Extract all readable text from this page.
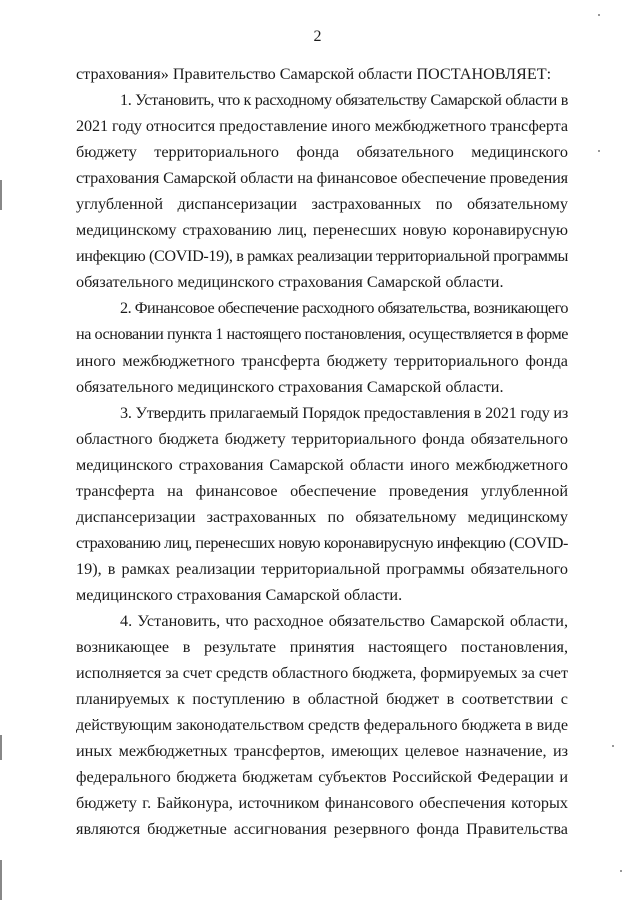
2
страхования» Правительство Самарской области ПОСТАНОВЛЯЕТ:
1. Установить, что к расходному обязательству Самарской области в
2021 году относится предоставление иного межбюджетного трансферта
бюджету территориального фонда обязательного медицинского
страхования Самарской области на финансовое обеспечение проведения
углубленной диспансеризации застрахованных по обязательному
медицинскому страхованию лиц, перенесших новую коронавирусную
инфекцию (COVID-19), в рамках реализации территориальной программы
обязательного медицинского страхования Самарской области.
2. Финансовое обеспечение расходного обязательства, возникающего
на основании пункта 1 настоящего постановления, осуществляется в форме
иного межбюджетного трансферта бюджету территориального фонда
обязательного медицинского страхования Самарской области.
3. Утвердить прилагаемый Порядок предоставления в 2021 году из
областного бюджета бюджету территориального фонда обязательного
медицинского страхования Самарской области иного межбюджетного
трансферта на финансовое обеспечение проведения углубленной
диспансеризации застрахованных по обязательному медицинскому
страхованию лиц, перенесших новую коронавирусную инфекцию (COVID-
19), в рамках реализации территориальной программы обязательного
медицинского страхования Самарской области.
4. Установить, что расходное обязательство Самарской области,
возникающее в результате принятия настоящего постановления,
исполняется за счет средств областного бюджета, формируемых за счет
планируемых к поступлению в областной бюджет в соответствии с
действующим законодательством средств федерального бюджета в виде
иных межбюджетных трансфертов, имеющих целевое назначение, из
федерального бюджета бюджетам субъектов Российской Федерации и
бюджету г. Байконура, источником финансового обеспечения которых
являются бюджетные ассигнования резервного фонда Правительства
